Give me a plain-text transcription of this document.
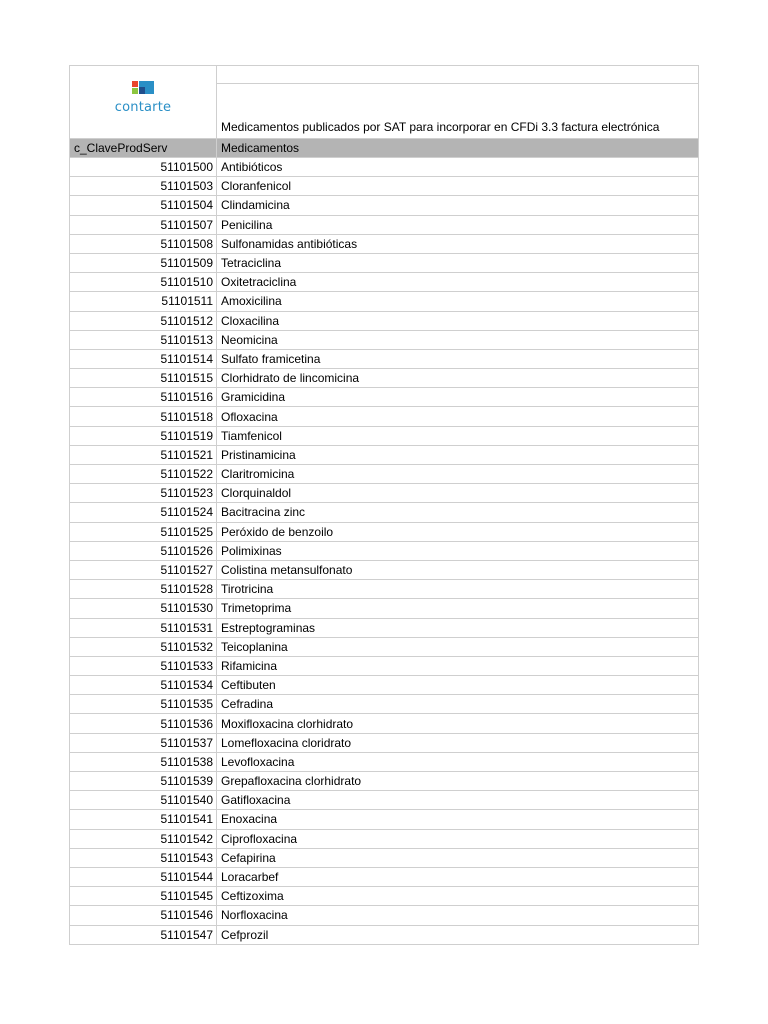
contarte	

	Medicamentos publicados por SAT para incorporar en CFDi 3.3 factura electrónica
c_ClaveProdServ	Medicamentos
51101500	Antibióticos
51101503	Cloranfenicol
51101504	Clindamicina
51101507	Penicilina
51101508	Sulfonamidas antibióticas
51101509	Tetraciclina
51101510	Oxitetraciclina
51101511	Amoxicilina
51101512	Cloxacilina
51101513	Neomicina
51101514	Sulfato framicetina
51101515	Clorhidrato de lincomicina
51101516	Gramicidina
51101518	Ofloxacina
51101519	Tiamfenicol
51101521	Pristinamicina
51101522	Claritromicina
51101523	Clorquinaldol
51101524	Bacitracina zinc
51101525	Peróxido de benzoilo
51101526	Polimixinas
51101527	Colistina metansulfonato
51101528	Tirotricina
51101530	Trimetoprima
51101531	Estreptograminas
51101532	Teicoplanina
51101533	Rifamicina
51101534	Ceftibuten
51101535	Cefradina
51101536	Moxifloxacina clorhidrato
51101537	Lomefloxacina cloridrato
51101538	Levofloxacina
51101539	Grepafloxacina clorhidrato
51101540	Gatifloxacina
51101541	Enoxacina
51101542	Ciprofloxacina
51101543	Cefapirina
51101544	Loracarbef
51101545	Ceftizoxima
51101546	Norfloxacina
51101547	Cefprozil
